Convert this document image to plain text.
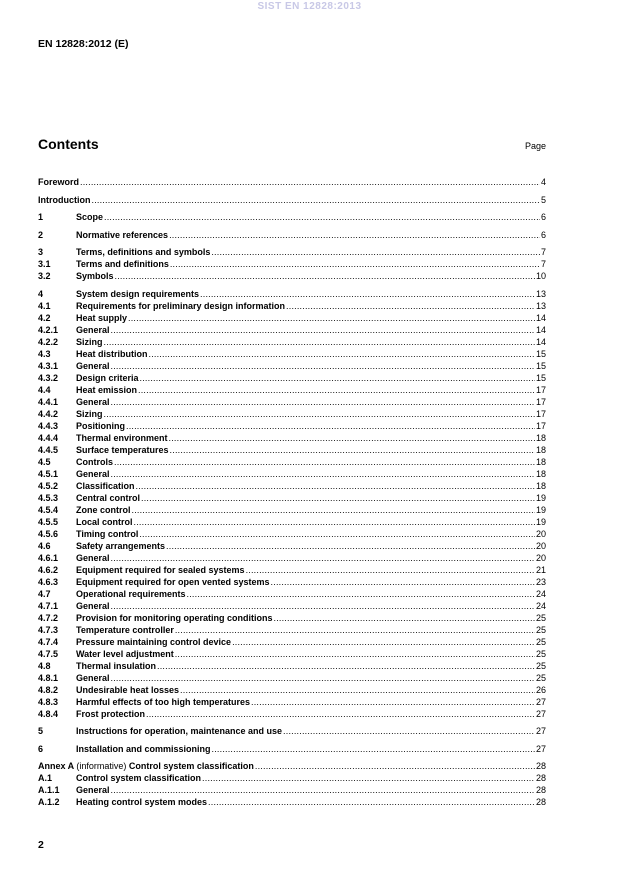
SIST EN 12828:2013
EN 12828:2012 (E)
Contents	Page
Foreword .....	4
Introduction .....	5
1	Scope .....	6
2	Normative references .....	6
3	Terms, definitions and symbols .....	7
3.1	Terms and definitions .....	7
3.2	Symbols .....	10
4	System design requirements .....	13
4.1	Requirements for preliminary design information .....	13
4.2	Heat supply .....	14
4.2.1	General .....	14
4.2.2	Sizing .....	14
4.3	Heat distribution .....	15
4.3.1	General .....	15
4.3.2	Design criteria .....	15
4.4	Heat emission .....	17
4.4.1	General .....	17
4.4.2	Sizing .....	17
4.4.3	Positioning .....	17
4.4.4	Thermal environment .....	18
4.4.5	Surface temperatures .....	18
4.5	Controls .....	18
4.5.1	General .....	18
4.5.2	Classification .....	18
4.5.3	Central control .....	19
4.5.4	Zone control .....	19
4.5.5	Local control .....	19
4.5.6	Timing control .....	20
4.6	Safety arrangements .....	20
4.6.1	General .....	20
4.6.2	Equipment required for sealed systems .....	21
4.6.3	Equipment required for open vented systems .....	23
4.7	Operational requirements .....	24
4.7.1	General .....	24
4.7.2	Provision for monitoring operating conditions .....	25
4.7.3	Temperature controller .....	25
4.7.4	Pressure maintaining control device .....	25
4.7.5	Water level adjustment .....	25
4.8	Thermal insulation .....	25
4.8.1	General .....	25
4.8.2	Undesirable heat losses .....	26
4.8.3	Harmful effects of too high temperatures .....	27
4.8.4	Frost protection .....	27
5	Instructions for operation, maintenance and use .....	27
6	Installation and commissioning .....	27
Annex A (informative) Control system classification .....	28
A.1	Control system classification .....	28
A.1.1	General .....	28
A.1.2	Heating control system modes .....	28
2
